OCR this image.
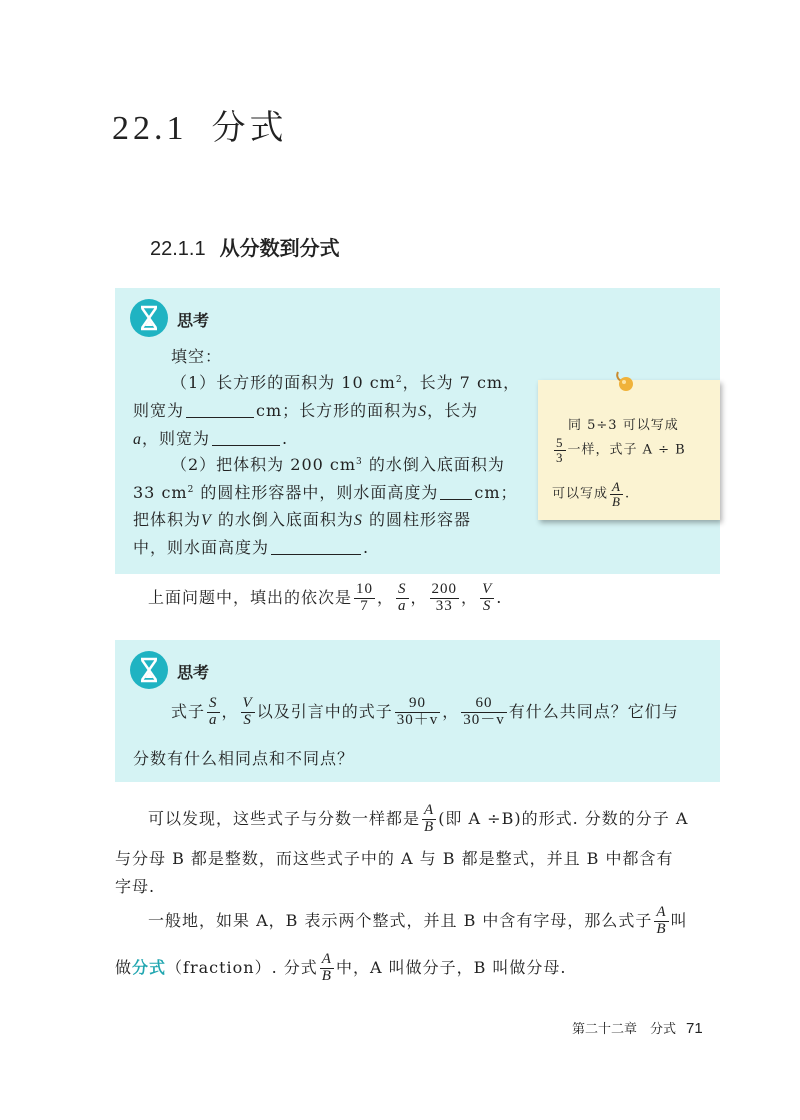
22.1 分式
22.1.1 从分数到分式
思考
填空：
（1）长方形的面积为 10 $cm^2$，长为 7 cm，
则宽为	cm；长方形的面积为S，长为
a，则宽为	.
（2）把体积为 200 $cm^3$ 的水倒入底面积为
33 $cm^2$ 的圆柱形容器中，则水面高度为 cm；
把体积为V 的水倒入底面积为S 的圆柱形容器
中，则水面高度为	.
同 5÷3 可以写成
$\frac{5}{3}$ 一样，式子 A ÷ B
可以写成 $\frac{A}{B}$ .
上面问题中，填出的依次是 $\frac{10}{7}$ ， $\frac{S}{a}$ ， $\frac{200}{33}$ ， $\frac{V}{S}$ .
思考
式子 $\frac{S}{a}$ ， $\frac{V}{S}$ 以及引言中的式子 $\frac{90}{30+v}$ ， $\frac{60}{30-v}$ 有什么共同点？它们与
分数有什么相同点和不同点？
可以发现，这些式子与分数一样都是 $\frac{A}{B}$ (即 A ÷B)的形式. 分数的分子 A
与分母 B 都是整数，而这些式子中的 A 与 B 都是整式，并且 B 中都含有
字母.
一般地，如果 A，B 表示两个整式，并且 B 中含有字母，那么式子 $\frac{A}{B}$ 叫
做分式（fraction）. 分式 $\frac{A}{B}$ 中，A 叫做分子，B 叫做分母.
第二十二章　分式 71
